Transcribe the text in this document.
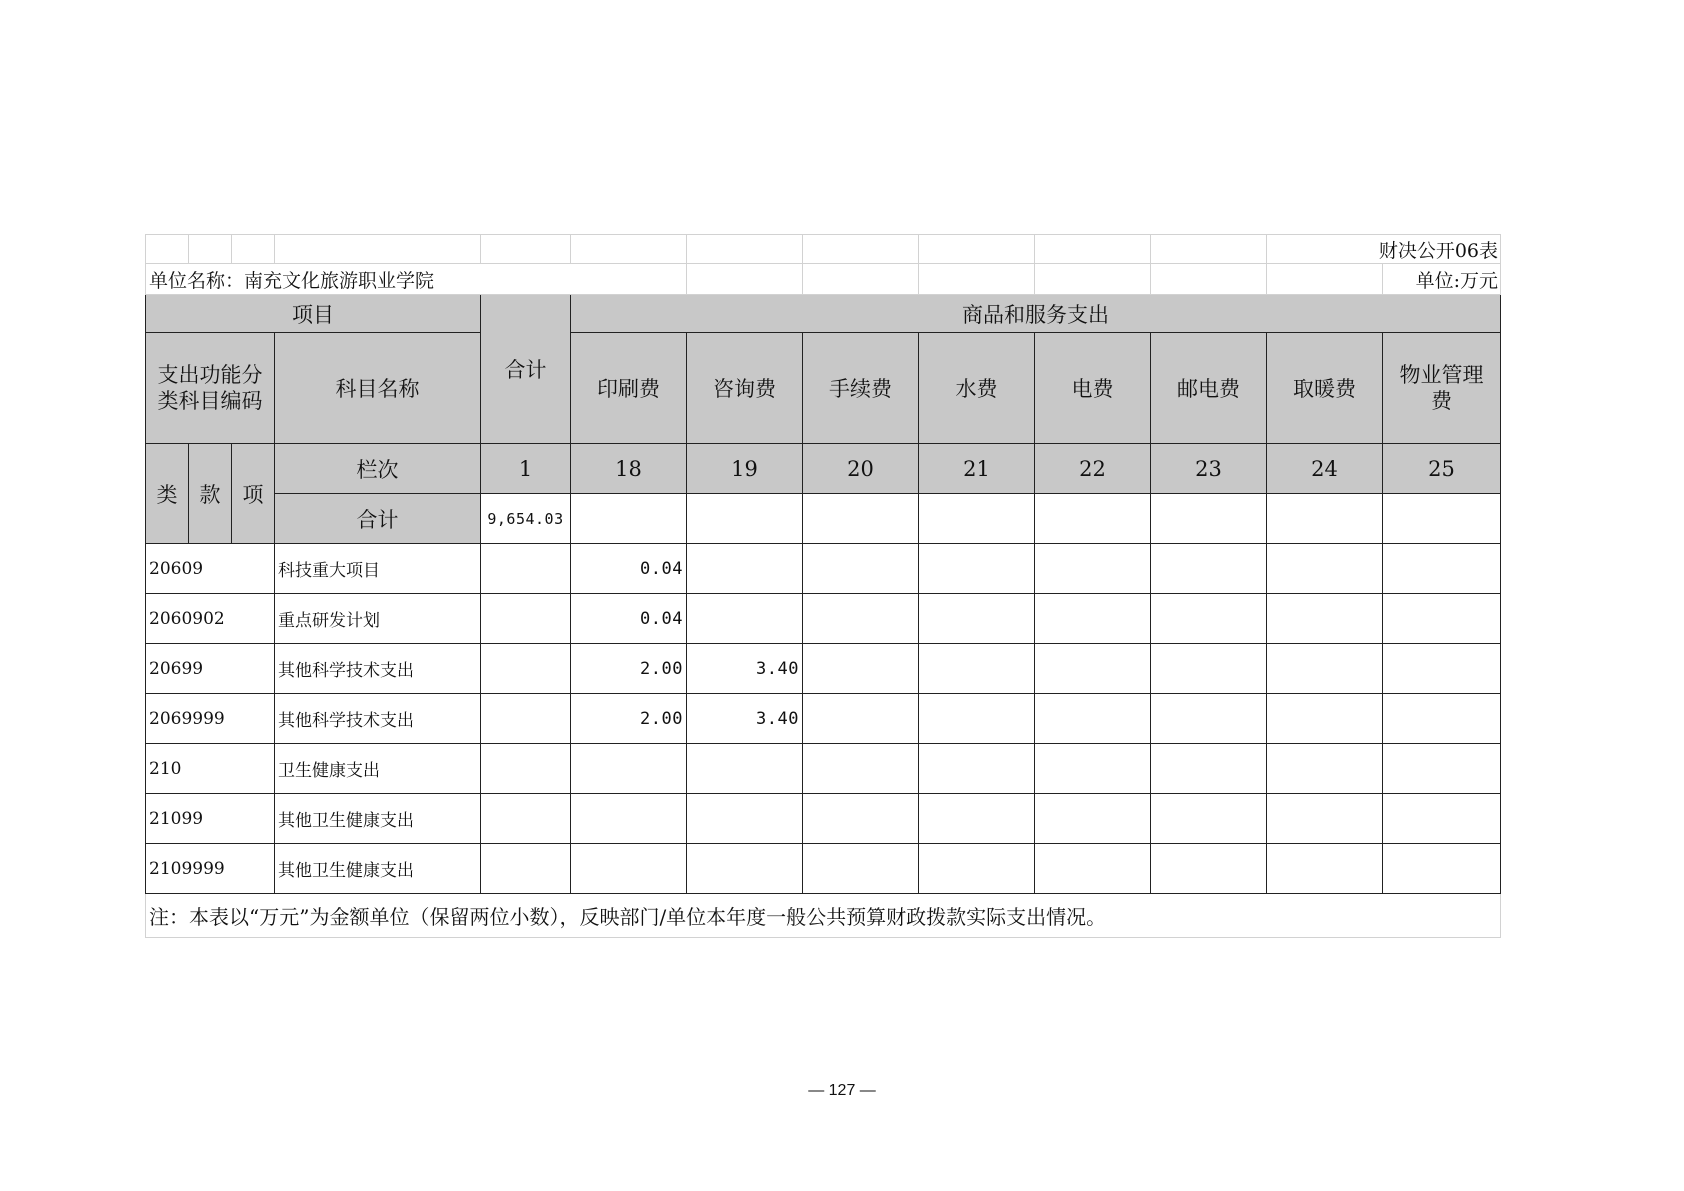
											财决公开06表	
单位名称：南充文化旅游职业学院												单位:万元
项目				合计	商品和服务支出							
支出功能分类科目编码			科目名称		印刷费	咨询费	手续费	水费	电费	邮电费	取暖费	物业管理费
类	款	项	栏次	1	18	19	20	21	22	23	24	25
			合计	9,654.03								
20609			科技重大项目		0.04							
2060902			重点研发计划		0.04							
20699			其他科学技术支出		2.00	3.40						
2069999			其他科学技术支出		2.00	3.40						
210			卫生健康支出									
21099			其他卫生健康支出									
2109999			其他卫生健康支出									
注：本表以“万元”为金额单位（保留两位小数），反映部门/单位本年度一般公共预算财政拨款实际支出情况。												
— 127 —
